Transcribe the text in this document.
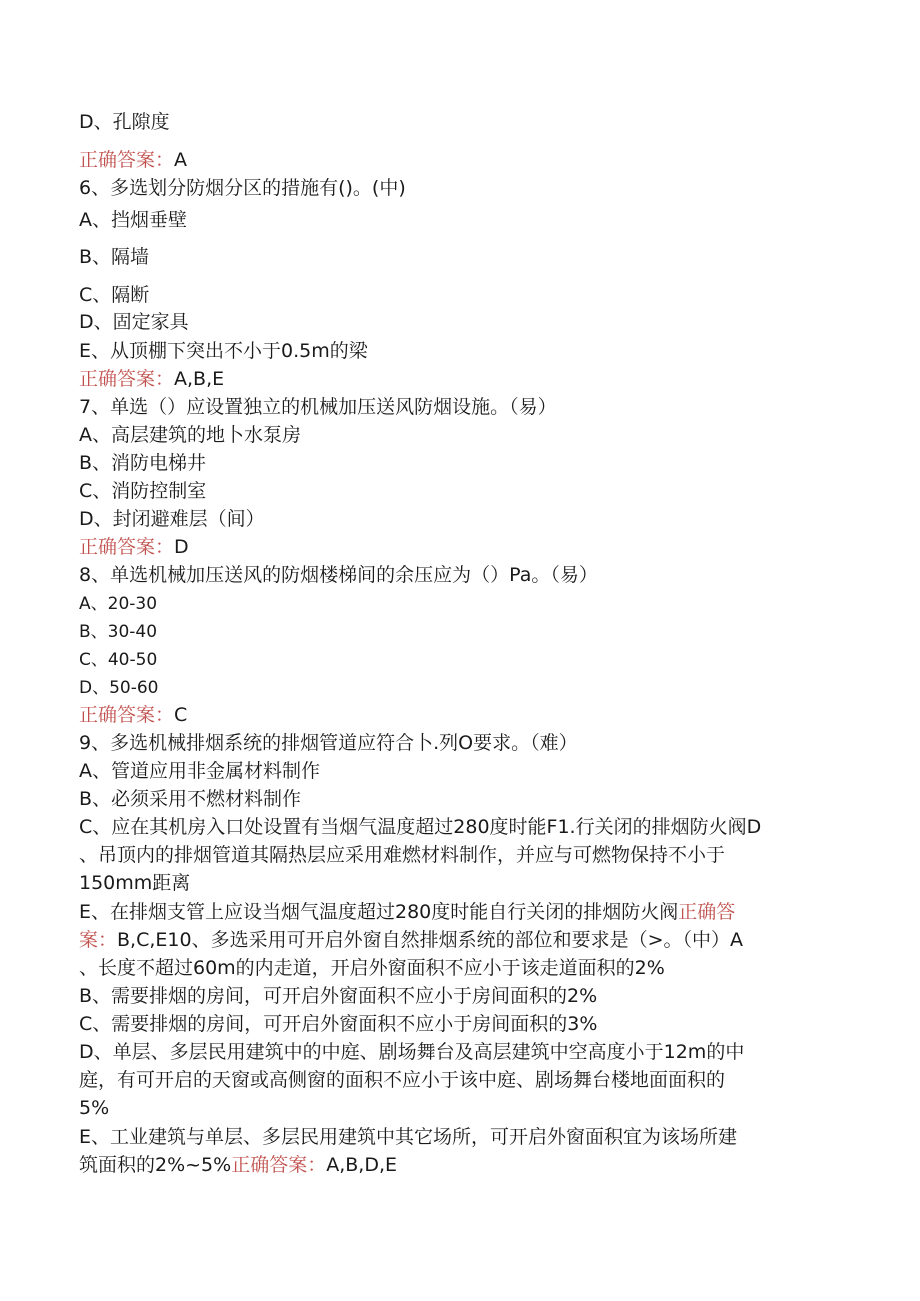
D、孔隙度
正确答案：A
6、多选划分防烟分区的措施有()。(中)
A、挡烟垂壁
B、隔墙
C、隔断
D、固定家具
E、从顶棚下突出不小于0.5m的梁
正确答案：A,B,E
7、单选（）应设置独立的机械加压送风防烟设施。（易）
A、高层建筑的地卜水泵房
B、消防电梯井
C、消防控制室
D、封闭避难层（间）
正确答案：D
8、单选机械加压送风的防烟楼梯间的余压应为（）Pa。（易）
A、20-30
B、30-40
C、40-50
D、50-60
正确答案：C
9、多选机械排烟系统的排烟管道应符合卜.列O要求。（难）
A、管道应用非金属材料制作
B、必须采用不燃材料制作
C、应在其机房入口处设置有当烟气温度超过280度时能F1.行关闭的排烟防火阀D
、吊顶内的排烟管道其隔热层应采用难燃材料制作，并应与可燃物保持不小于
150mm距离
E、在排烟支管上应设当烟气温度超过280度时能自行关闭的排烟防火阀正确答
案：B,C,E10、多选采用可开启外窗自然排烟系统的部位和要求是（>。（中）A
、长度不超过60m的内走道，开启外窗面积不应小于该走道面积的2%
B、需要排烟的房间，可开启外窗面积不应小于房间面积的2%
C、需要排烟的房间，可开启外窗面积不应小于房间面积的3%
D、单层、多层民用建筑中的中庭、剧场舞台及高层建筑中空高度小于12m的中
庭，有可开启的天窗或高侧窗的面积不应小于该中庭、剧场舞台楼地面面积的
5%
E、工业建筑与单层、多层民用建筑中其它场所，可开启外窗面积宜为该场所建
筑面积的2%~5%正确答案：A,B,D,E
